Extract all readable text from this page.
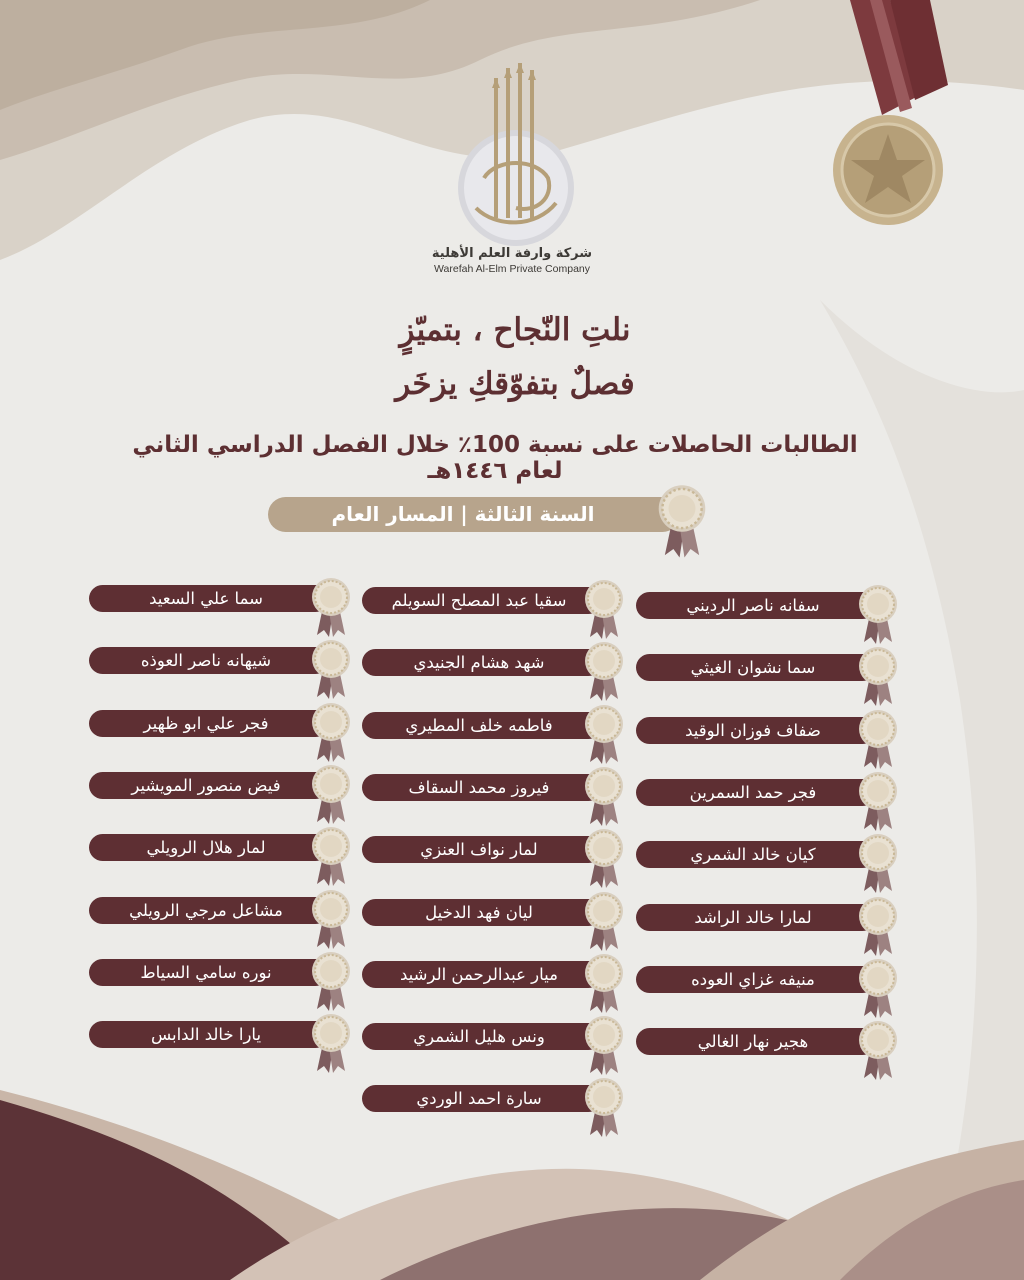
شركة وارفة العلم الأهلية
Warefah Al-Elm Private Company
نلتِ النّجاح ، بتميّزٍ
فصلٌ بتفوّقكِ يزخَر
الطالبات الحاصلات على نسبة 100٪ خلال الفصل الدراسي الثاني لعام ١٤٤٦هـ
السنة الثالثة | المسار العام
سفانه ناصر الرديني
سما نشوان الغيثي
ضفاف فوزان الوقيد
فجر حمد السمرين
كيان خالد الشمري
لمارا خالد الراشد
منيفه غزاي العوده
هجير نهار الغالي
سقيا عبد المصلح السويلم
شهد هشام الجنيدي
فاطمه خلف المطيري
فيروز محمد السقاف
لمار نواف العنزي
ليان فهد الدخيل
ميار عبدالرحمن الرشيد
ونس هليل الشمري
سارة احمد الوردي
سما علي السعيد
شيهانه ناصر العوذه
فجر علي ابو ظهير
فيض منصور المويشير
لمار هلال الرويلي
مشاعل مرجي الرويلي
نوره سامي السياط
يارا خالد الدابس
